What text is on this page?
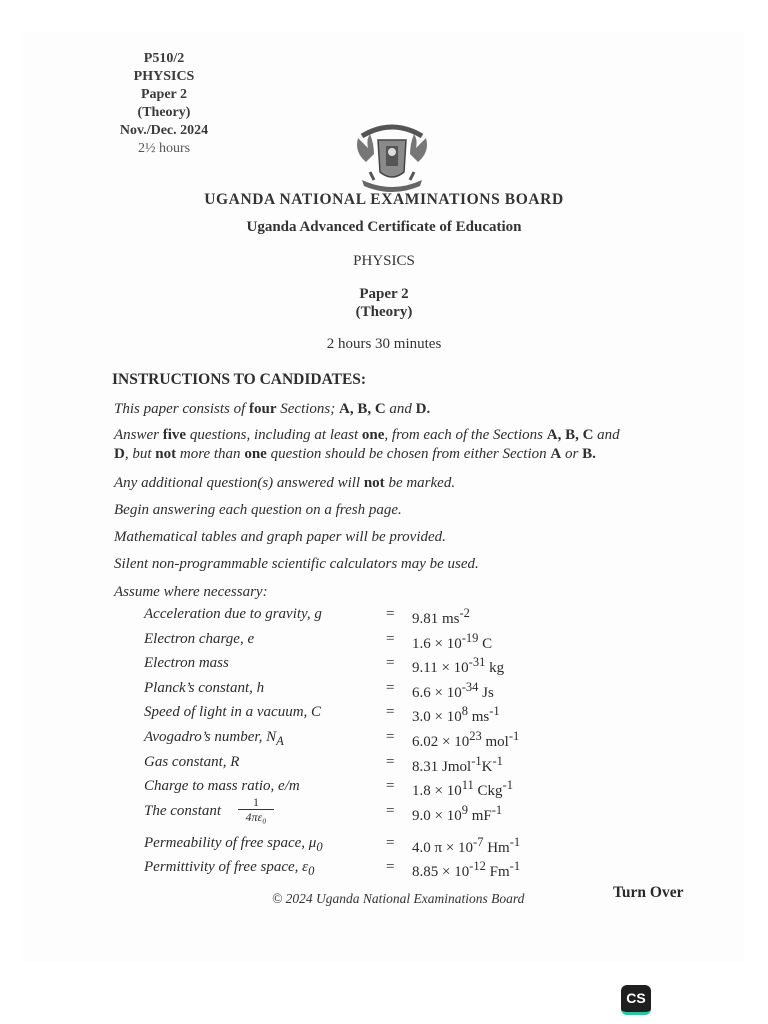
P510/2
PHYSICS
Paper 2
(Theory)
Nov./Dec. 2024
2½ hours
UGANDA NATIONAL EXAMINATIONS BOARD
Uganda Advanced Certificate of Education
PHYSICS
Paper 2
(Theory)
2 hours 30 minutes
INSTRUCTIONS TO CANDIDATES:
This paper consists of four Sections; A, B, C and D.
Answer five questions, including at least one, from each of the Sections A, B, C and
D, but not more than one question should be chosen from either Section A or B.
Any additional question(s) answered will not be marked.
Begin answering each question on a fresh page.
Mathematical tables and graph paper will be provided.
Silent non-programmable scientific calculators may be used.
Assume where necessary:
Acceleration due to gravity, g	= 9.81 $ms^{-2}$
Electron charge, e	= $1.6 \times 10^{-19}$ C
Electron mass	= $9.11 \times 10^{-31}$ kg
Planck’s constant, h	= $6.6 \times 10^{-34}$ Js
Speed of light in a vacuum, C	= $3.0 \times 10^8$ $ms^{-1}$
Avogadro’s number, $N_A$	= $6.02 \times 10^{23}$ mol$^{-1}$
Gas constant, R	= 8.31 $Jmol^{-1}K^{-1}$
Charge to mass ratio, e/m	= $1.8 \times 10^{11}$ Ckg$^{-1}$
The constant $\frac{1}{\text{4πε₀}}$	= $9.0 \times 10^9$ $mF^{-1}$
Permeability of free space, $\mu_0$	= 4.0 $\pi \times 10^{-7}$ $Hm^{-1}$
Permittivity of free space, $\varepsilon_0$	= $8.85 \times 10^{-12}$ $Fm^{-1}$
© 2024 Uganda National Examinations Board	Turn Over
CS
